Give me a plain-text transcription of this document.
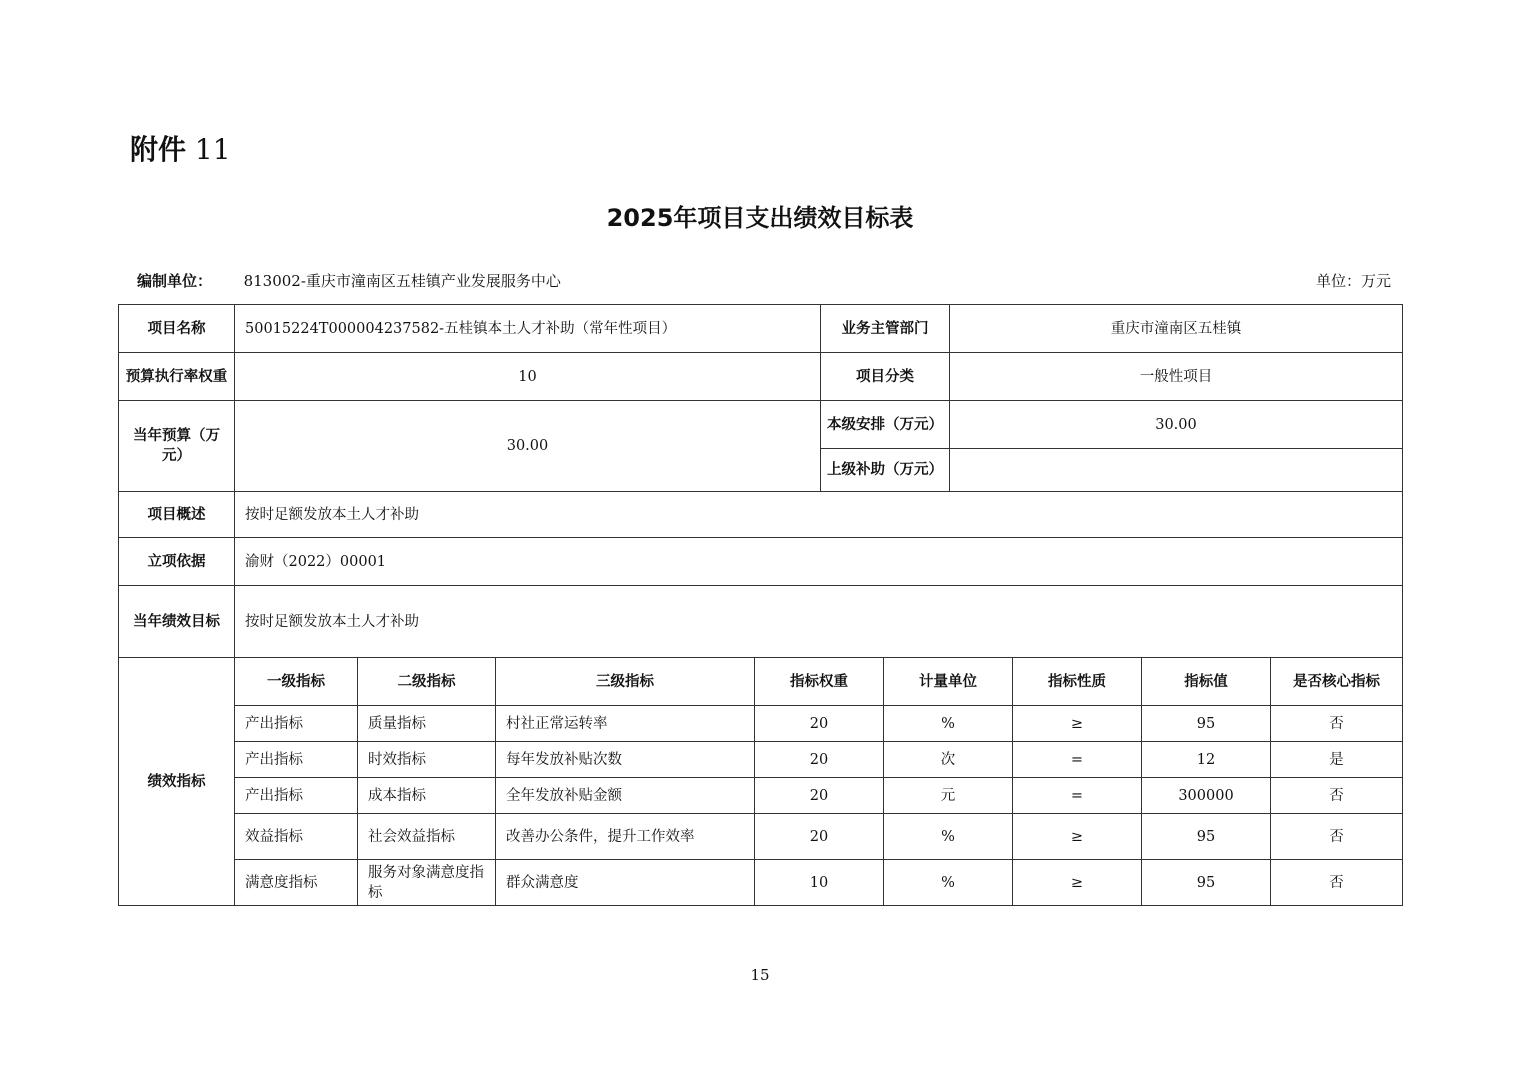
附件 11
2025年项目支出绩效目标表
编制单位： 813002-重庆市潼南区五桂镇产业发展服务中心	单位：万元
项目名称	50015224T000004237582-五桂镇本土人才补助（常年性项目）	业务主管部门	重庆市潼南区五桂镇
预算执行率权重	10	项目分类	一般性项目
当年预算（万元）	30.00	本级安排（万元）	30.00
		上级补助（万元）	
项目概述	按时足额发放本土人才补助		
立项依据	渝财（2022）00001		
当年绩效目标	按时足额发放本土人才补助		
绩效指标	一级指标	二级指标	三级指标	指标权重	计量单位	指标性质	指标值	是否核心指标
	产出指标	质量指标	村社正常运转率	20	%	≥	95	否
	产出指标	时效指标	每年发放补贴次数	20	次	=	12	是
	产出指标	成本指标	全年发放补贴金额	20	元	=	300000	否
	效益指标	社会效益指标	改善办公条件，提升工作效率	20	%	≥	95	否
	满意度指标	服务对象满意度指标	群众满意度	10	%	≥	95	否
15
